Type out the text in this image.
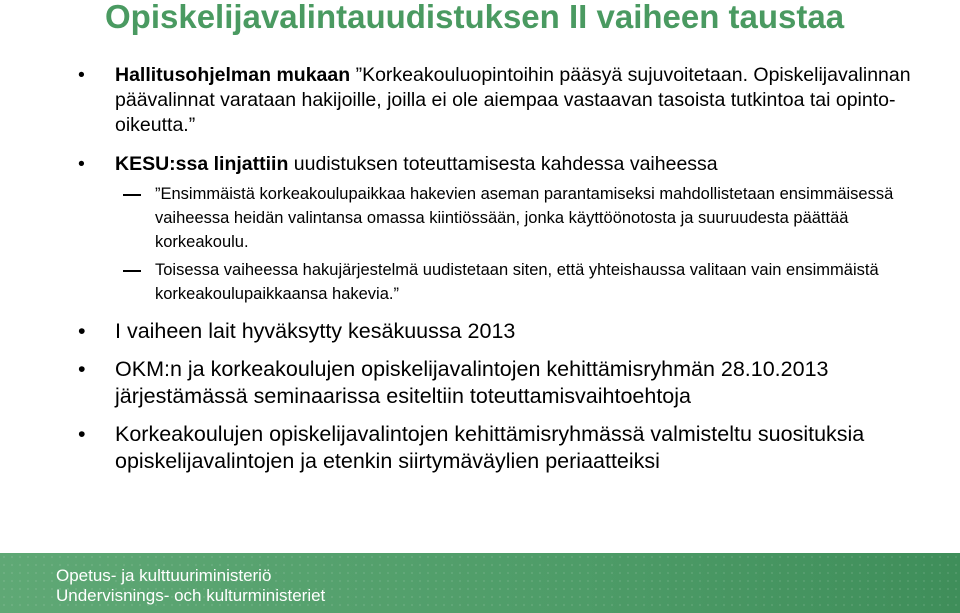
Opiskelijavalintauudistuksen II vaiheen taustaa

• Hallitusohjelman mukaan ”Korkeakouluopintoihin pääsyä sujuvoitetaan. Opiskelijavalinnan päävalinnat varataan hakijoille, joilla ei ole aiempaa vastaavan tasoista tutkintoa tai opinto-oikeutta.”

• KESU:ssa linjattiin uudistuksen toteuttamisesta kahdessa vaiheessa

”Ensimmäistä korkeakoulupaikkaa hakevien aseman parantamiseksi mahdollistetaan ensimmäisessä vaiheessa heidän valintansa omassa kiintiössään, jonka käyttöönotosta ja suuruudesta päättää korkeakoulu.

Toisessa vaiheessa hakujärjestelmä uudistetaan siten, että yhteishaussa valitaan vain ensimmäistä korkeakoulupaikkaansa hakevia.”

• I vaiheen lait hyväksytty kesäkuussa 2013

• OKM:n ja korkeakoulujen opiskelijavalintojen kehittämisryhmän 28.10.2013 järjestämässä seminaarissa esiteltiin toteuttamisvaihtoehtoja

• Korkeakoulujen opiskelijavalintojen kehittämisryhmässä valmisteltu suosituksia opiskelijavalintojen ja etenkin siirtymäväylien periaatteiksi

Opetus- ja kulttuuriministeriö
Undervisnings- och kulturministeriet
